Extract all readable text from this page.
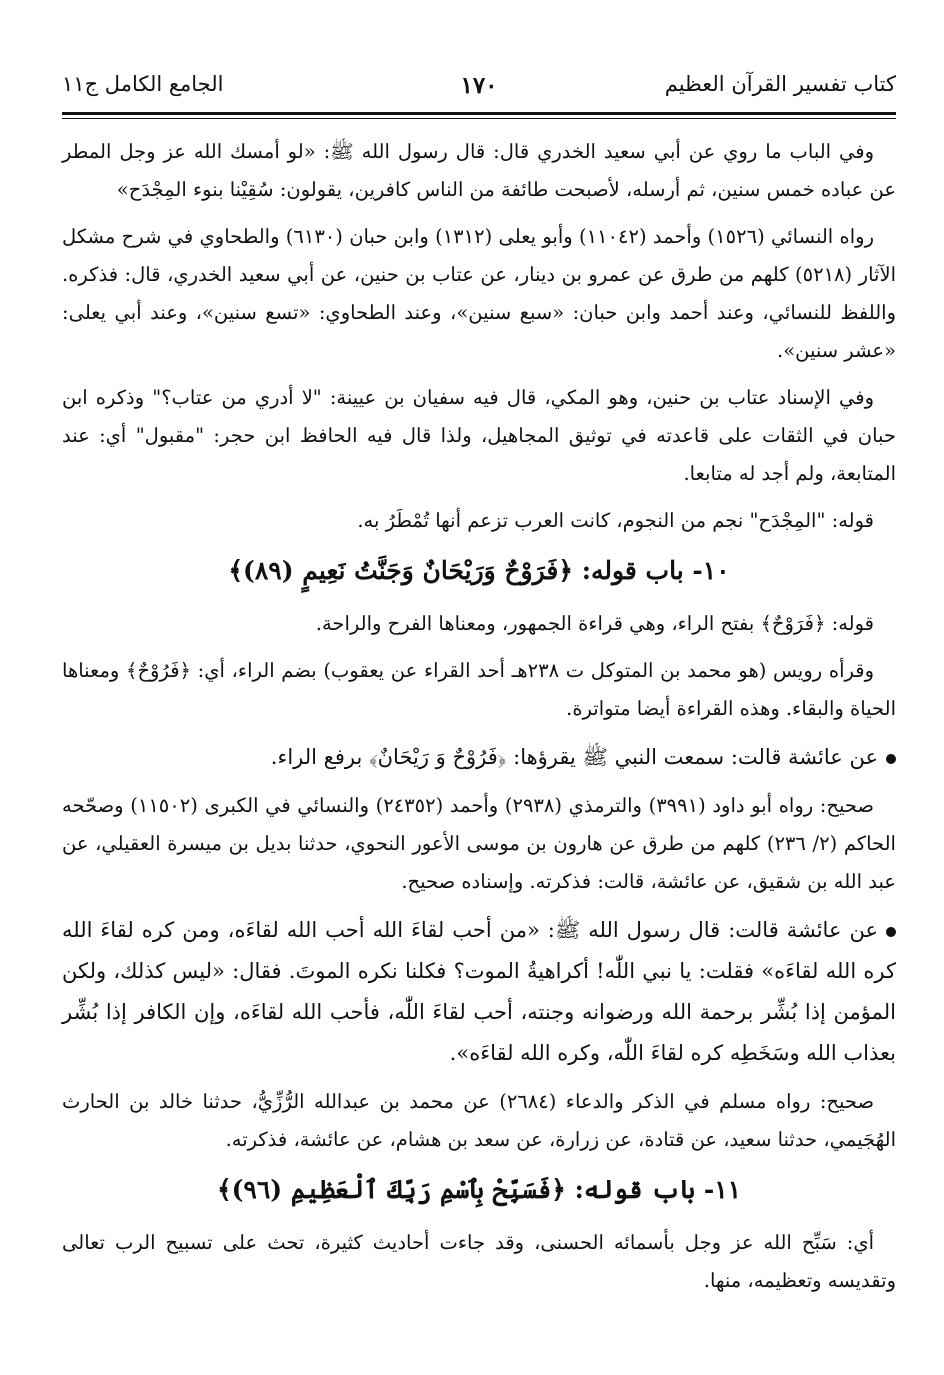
كتاب تفسير القرآن العظيم
١٧٠
الجامع الكامل ج١١

وفي الباب ما روي عن أبي سعيد الخدري قال: قال رسول الله ﷺ: «لو أمسك الله عز وجل المطر عن عباده خمس سنين، ثم أرسله، لأصبحت طائفة من الناس كافرين، يقولون: سُقِيْنا بنوء المِجْدَح»

رواه النسائي (١٥٢٦) وأحمد (١١٠٤٢) وأبو يعلى (١٣١٢) وابن حبان (٦١٣٠) والطحاوي في شرح مشكل الآثار (٥٢١٨) كلهم من طرق عن عمرو بن دينار، عن عتاب بن حنين، عن أبي سعيد الخدري، قال: فذكره. واللفظ للنسائي، وعند أحمد وابن حبان: «سبع سنين»، وعند الطحاوي: «تسع سنين»، وعند أبي يعلى: «عشر سنين».

وفي الإسناد عتاب بن حنين، وهو المكي، قال فيه سفيان بن عيينة: "لا أدري من عتاب؟" وذكره ابن حبان في الثقات على قاعدته في توثيق المجاهيل، ولذا قال فيه الحافظ ابن حجر: "مقبول" أي: عند المتابعة، ولم أجد له متابعا.

قوله: "المِجْدَح" نجم من النجوم، كانت العرب تزعم أنها تُمْطَرُ به.

١٠- باب قوله: ﴿فَرَوْحٌ وَرَيْحَانٌ وَجَنَّتُ نَعِيمٍ (٨٩)﴾

قوله: ﴿فَرَوْحٌ﴾ بفتح الراء، وهي قراءة الجمهور، ومعناها الفرح والراحة.

وقرأه رويس (هو محمد بن المتوكل ت ٢٣٨هـ أحد القراء عن يعقوب) بضم الراء، أي: ﴿فَرُوْحٌ﴾ ومعناها الحياة والبقاء. وهذه القراءة أيضا متواترة.

عن عائشة قالت: سمعت النبي ﷺ يقرؤها: ﴿فَرُوْحٌ وَ رَيْحَانٌ﴾ برفع الراء.

صحيح: رواه أبو داود (٣٩٩١) والترمذي (٢٩٣٨) وأحمد (٢٤٣٥٢) والنسائي في الكبرى (١١٥٠٢) وصحّحه الحاكم (٢/ ٢٣٦) كلهم من طرق عن هارون بن موسى الأعور النحوي، حدثنا بديل بن ميسرة العقيلي، عن عبد الله بن شقيق، عن عائشة، قالت: فذكرته. وإسناده صحيح.

عن عائشة قالت: قال رسول الله ﷺ: «من أحب لقاءَ الله أحب الله لقاءَه، ومن كره لقاءَ الله كره الله لقاءَه» فقلت: يا نبي اللّٰه! أكراهيةُ الموت؟ فكلنا نكره الموتَ. فقال: «ليس كذلك، ولكن المؤمن إذا بُشِّر برحمة الله ورضوانه وجنته، أحب لقاءَ اللّٰه، فأحب الله لقاءَه، وإن الكافر إذا بُشِّر بعذاب الله وسَخَطِه كره لقاءَ اللّٰه، وكره الله لقاءَه».

صحيح: رواه مسلم في الذكر والدعاء (٢٦٨٤) عن محمد بن عبدالله الرُّزِّيُّ، حدثنا خالد بن الحارث الهُجَيمي، حدثنا سعيد، عن قتادة، عن زرارة، عن سعد بن هشام، عن عائشة، فذكرته.

١١- باب قوله: ﴿فَسَبِّحْ بِٱسْمِ رَبِّكَ ٱلْعَظِيمِ (٩٦)﴾

أي: سَبِّح الله عز وجل بأسمائه الحسنى، وقد جاءت أحاديث كثيرة، تحث على تسبيح الرب تعالى وتقديسه وتعظيمه، منها.
